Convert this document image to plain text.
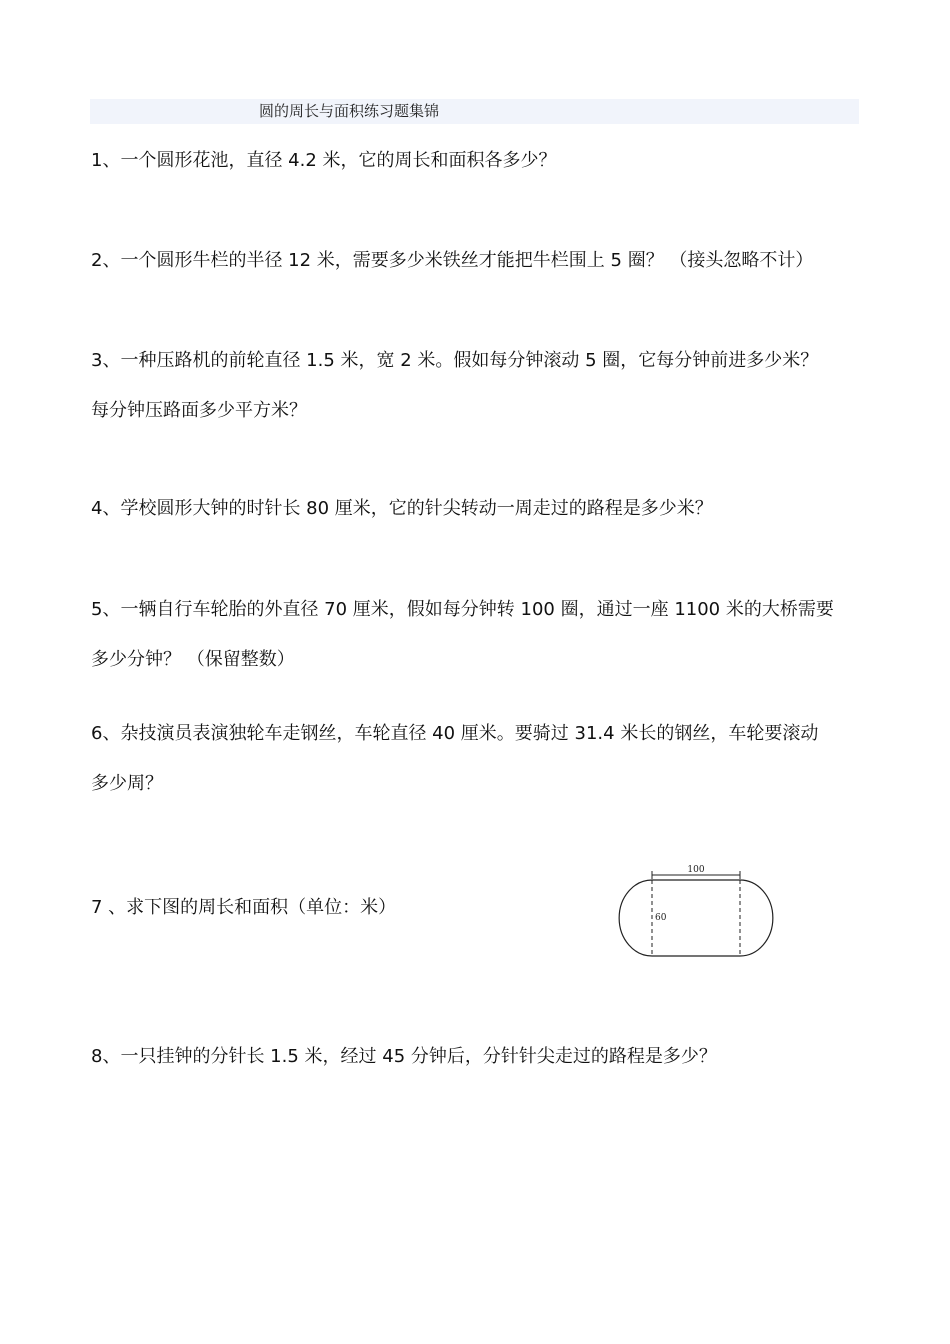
圆的周长与面积练习题集锦
1、一个圆形花池，直径 4.2 米，它的周长和面积各多少？
2、一个圆形牛栏的半径 12 米，需要多少米铁丝才能把牛栏围上 5 圈？ （接头忽略不计）
3、一种压路机的前轮直径 1.5 米，宽 2 米。假如每分钟滚动 5 圈，它每分钟前进多少米？
每分钟压路面多少平方米？
4、学校圆形大钟的时针长 80 厘米，它的针尖转动一周走过的路程是多少米？
5、一辆自行车轮胎的外直径 70 厘米，假如每分钟转 100 圈，通过一座 1100 米的大桥需要
多少分钟？ （保留整数）
6、杂技演员表演独轮车走钢丝，车轮直径 40 厘米。要骑过 31.4 米长的钢丝，车轮要滚动
多少周？
7 、求下图的周长和面积（单位：米）
100
60
8、一只挂钟的分针长 1.5 米，经过 45 分钟后，分针针尖走过的路程是多少？
